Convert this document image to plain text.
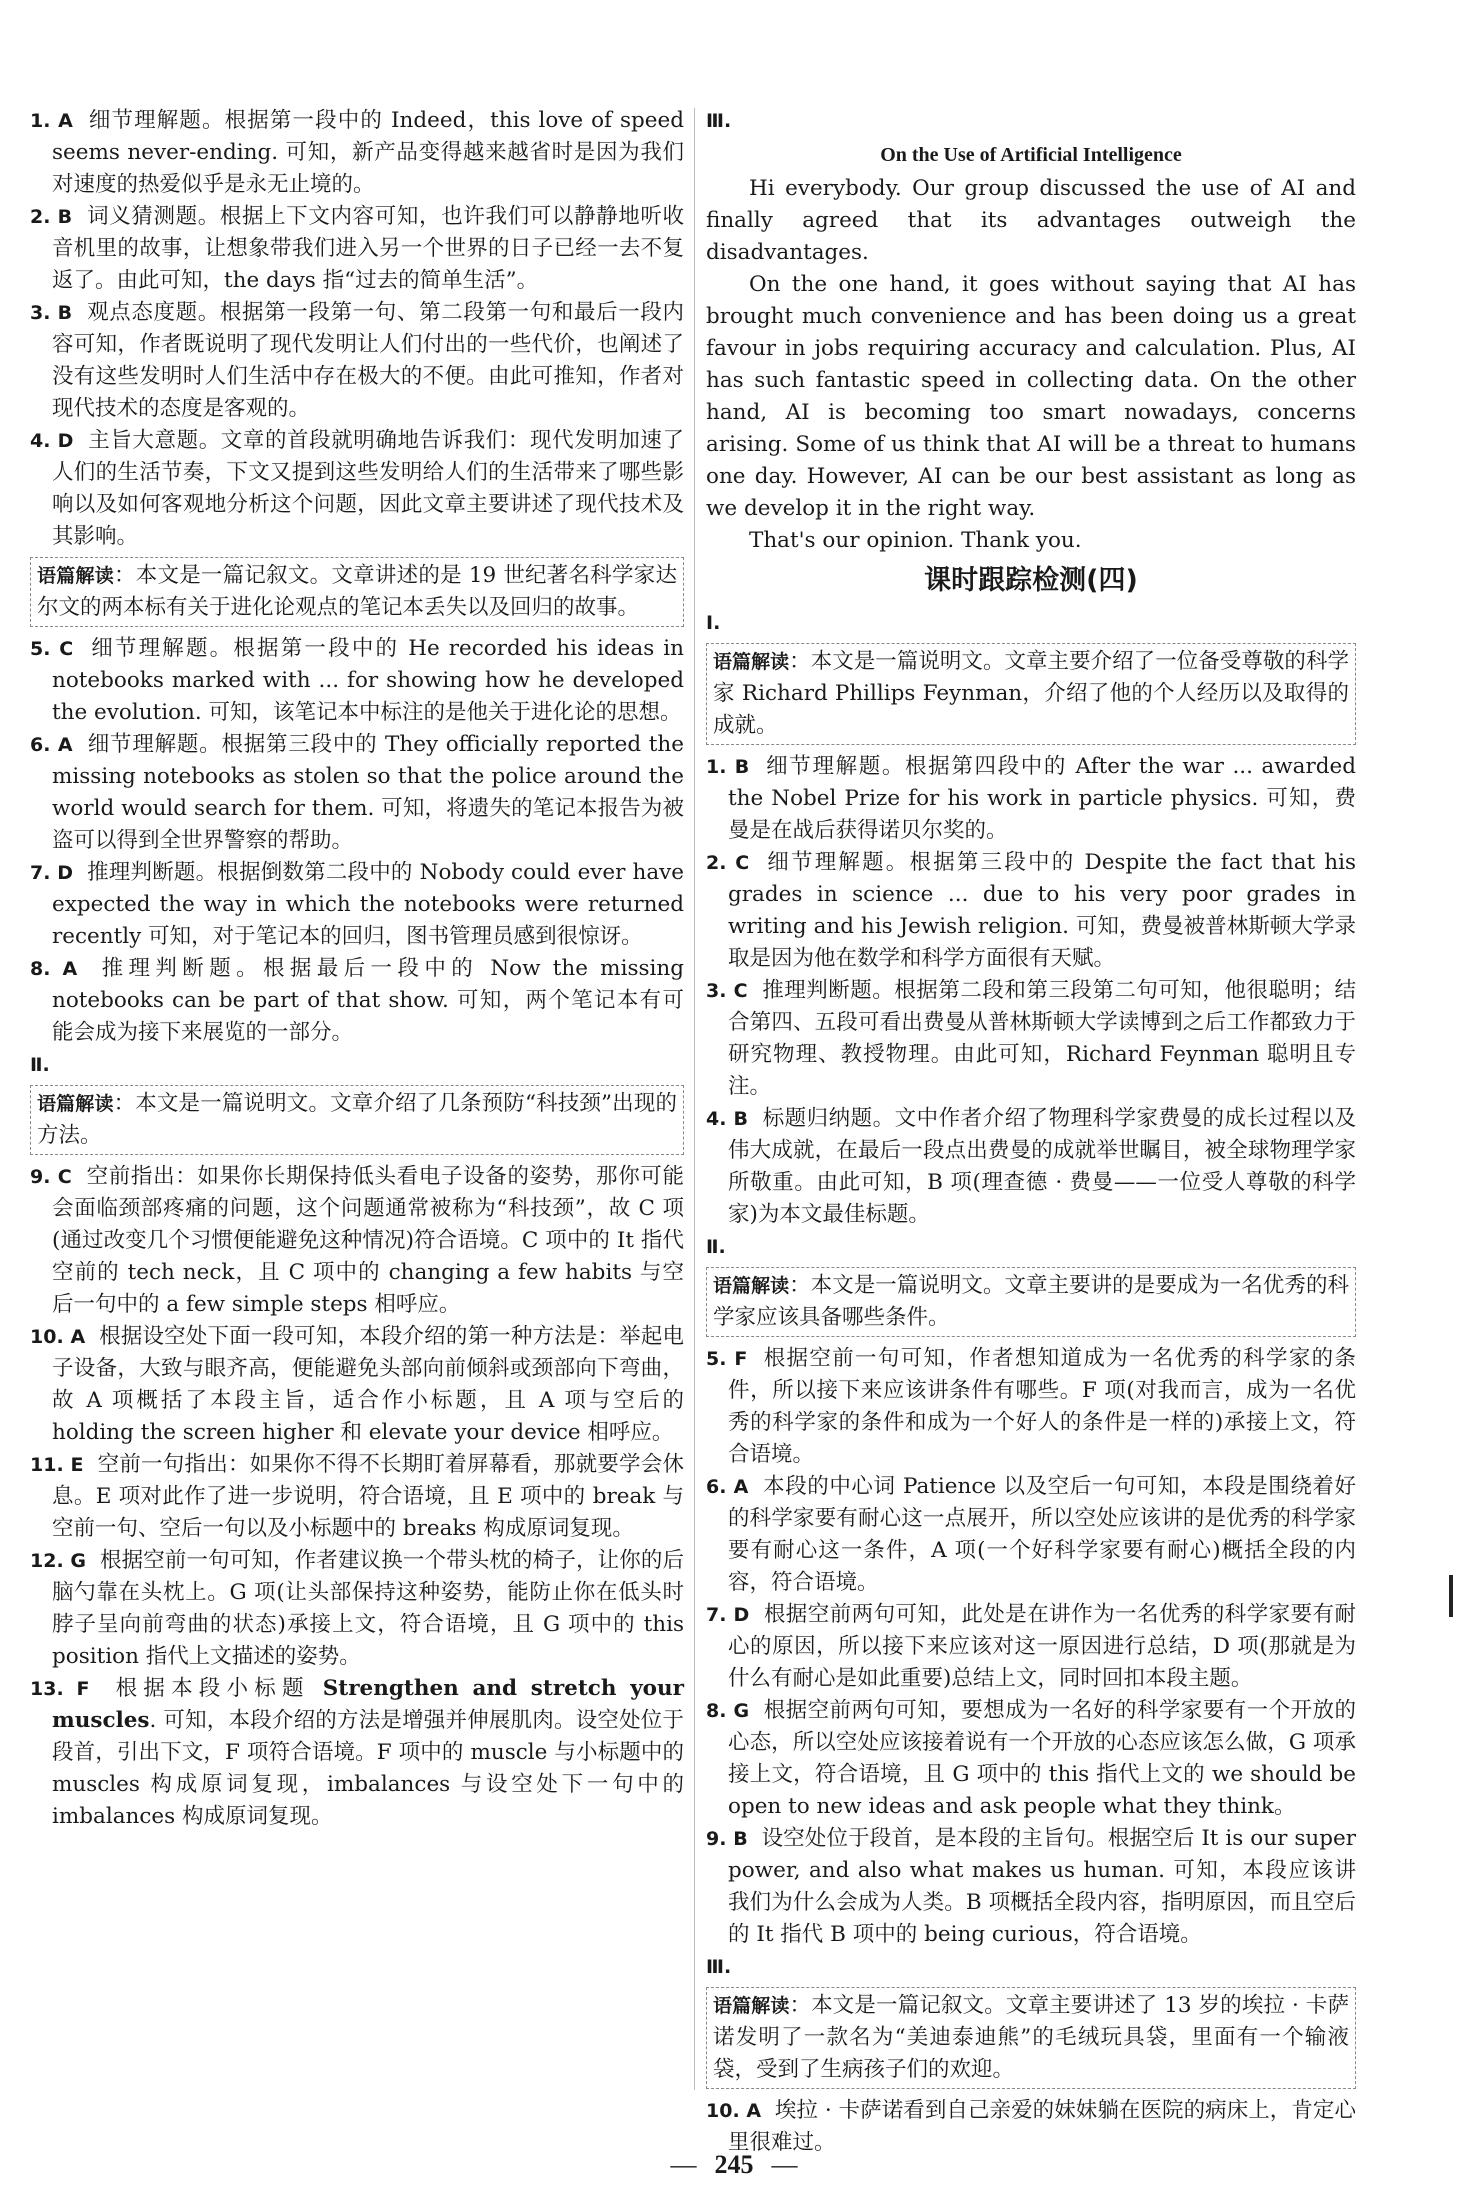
1. A 细节理解题。根据第一段中的 Indeed，this love of speed seems never-ending. 可知，新产品变得越来越省时是因为我们对速度的热爱似乎是永无止境的。

2. B 词义猜测题。根据上下文内容可知，也许我们可以静静地听收音机里的故事，让想象带我们进入另一个世界的日子已经一去不复返了。由此可知，the days 指“过去的简单生活”。

3. B 观点态度题。根据第一段第一句、第二段第一句和最后一段内容可知，作者既说明了现代发明让人们付出的一些代价，也阐述了没有这些发明时人们生活中存在极大的不便。由此可推知，作者对现代技术的态度是客观的。

4. D 主旨大意题。文章的首段就明确地告诉我们：现代发明加速了人们的生活节奏，下文又提到这些发明给人们的生活带来了哪些影响以及如何客观地分析这个问题，因此文章主要讲述了现代技术及其影响。

语篇解读：本文是一篇记叙文。文章讲述的是 19 世纪著名科学家达尔文的两本标有关于进化论观点的笔记本丢失以及回归的故事。

5. C 细节理解题。根据第一段中的 He recorded his ideas in notebooks marked with ... for showing how he developed the evolution. 可知，该笔记本中标注的是他关于进化论的思想。

6. A 细节理解题。根据第三段中的 They officially reported the missing notebooks as stolen so that the police around the world would search for them. 可知，将遗失的笔记本报告为被盗可以得到全世界警察的帮助。

7. D 推理判断题。根据倒数第二段中的 Nobody could ever have expected the way in which the notebooks were returned recently 可知，对于笔记本的回归，图书管理员感到很惊讶。

8. A 推理判断题。根据最后一段中的 Now the missing notebooks can be part of that show. 可知，两个笔记本有可能会成为接下来展览的一部分。

Ⅱ.

语篇解读：本文是一篇说明文。文章介绍了几条预防“科技颈”出现的方法。

9. C 空前指出：如果你长期保持低头看电子设备的姿势，那你可能会面临颈部疼痛的问题，这个问题通常被称为“科技颈”，故 C 项(通过改变几个习惯便能避免这种情况)符合语境。C 项中的 It 指代空前的 tech neck，且 C 项中的 changing a few habits 与空后一句中的 a few simple steps 相呼应。

10. A 根据设空处下面一段可知，本段介绍的第一种方法是：举起电子设备，大致与眼齐高，便能避免头部向前倾斜或颈部向下弯曲，故 A 项概括了本段主旨，适合作小标题，且 A 项与空后的 holding the screen higher 和 elevate your device 相呼应。

11. E 空前一句指出：如果你不得不长期盯着屏幕看，那就要学会休息。E 项对此作了进一步说明，符合语境，且 E 项中的 break 与空前一句、空后一句以及小标题中的 breaks 构成原词复现。

12. G 根据空前一句可知，作者建议换一个带头枕的椅子，让你的后脑勺靠在头枕上。G 项(让头部保持这种姿势，能防止你在低头时脖子呈向前弯曲的状态)承接上文，符合语境，且 G 项中的 this position 指代上文描述的姿势。

13. F 根据本段小标题 Strengthen and stretch your muscles. 可知，本段介绍的方法是增强并伸展肌肉。设空处位于段首，引出下文，F 项符合语境。F 项中的 muscle 与小标题中的 muscles 构成原词复现，imbalances 与设空处下一句中的 imbalances 构成原词复现。

Ⅲ.

On the Use of Artificial Intelligence

Hi everybody. Our group discussed the use of AI and finally agreed that its advantages outweigh the disadvantages.

On the one hand, it goes without saying that AI has brought much convenience and has been doing us a great favour in jobs requiring accuracy and calculation. Plus, AI has such fantastic speed in collecting data. On the other hand, AI is becoming too smart nowadays, concerns arising. Some of us think that AI will be a threat to humans one day. However, AI can be our best assistant as long as we develop it in the right way.

That's our opinion. Thank you.

课时跟踪检测(四)

Ⅰ.

语篇解读：本文是一篇说明文。文章主要介绍了一位备受尊敬的科学家 Richard Phillips Feynman，介绍了他的个人经历以及取得的成就。

1. B 细节理解题。根据第四段中的 After the war ... awarded the Nobel Prize for his work in particle physics. 可知，费曼是在战后获得诺贝尔奖的。

2. C 细节理解题。根据第三段中的 Despite the fact that his grades in science ... due to his very poor grades in writing and his Jewish religion. 可知，费曼被普林斯顿大学录取是因为他在数学和科学方面很有天赋。

3. C 推理判断题。根据第二段和第三段第二句可知，他很聪明；结合第四、五段可看出费曼从普林斯顿大学读博到之后工作都致力于研究物理、教授物理。由此可知，Richard Feynman 聪明且专注。

4. B 标题归纳题。文中作者介绍了物理科学家费曼的成长过程以及伟大成就，在最后一段点出费曼的成就举世瞩目，被全球物理学家所敬重。由此可知，B 项(理查德 · 费曼——一位受人尊敬的科学家)为本文最佳标题。

Ⅱ.

语篇解读：本文是一篇说明文。文章主要讲的是要成为一名优秀的科学家应该具备哪些条件。

5. F 根据空前一句可知，作者想知道成为一名优秀的科学家的条件，所以接下来应该讲条件有哪些。F 项(对我而言，成为一名优秀的科学家的条件和成为一个好人的条件是一样的)承接上文，符合语境。

6. A 本段的中心词 Patience 以及空后一句可知，本段是围绕着好的科学家要有耐心这一点展开，所以空处应该讲的是优秀的科学家要有耐心这一条件，A 项(一个好科学家要有耐心)概括全段的内容，符合语境。

7. D 根据空前两句可知，此处是在讲作为一名优秀的科学家要有耐心的原因，所以接下来应该对这一原因进行总结，D 项(那就是为什么有耐心是如此重要)总结上文，同时回扣本段主题。

8. G 根据空前两句可知，要想成为一名好的科学家要有一个开放的心态，所以空处应该接着说有一个开放的心态应该怎么做，G 项承接上文，符合语境，且 G 项中的 this 指代上文的 we should be open to new ideas and ask people what they think。

9. B 设空处位于段首，是本段的主旨句。根据空后 It is our super power, and also what makes us human. 可知，本段应该讲我们为什么会成为人类。B 项概括全段内容，指明原因，而且空后的 It 指代 B 项中的 being curious，符合语境。

Ⅲ.

语篇解读：本文是一篇记叙文。文章主要讲述了 13 岁的埃拉 · 卡萨诺发明了一款名为“美迪泰迪熊”的毛绒玩具袋，里面有一个输液袋，受到了生病孩子们的欢迎。

10. A 埃拉 · 卡萨诺看到自己亲爱的妹妹躺在医院的病床上，肯定心里很难过。

— 245 —
